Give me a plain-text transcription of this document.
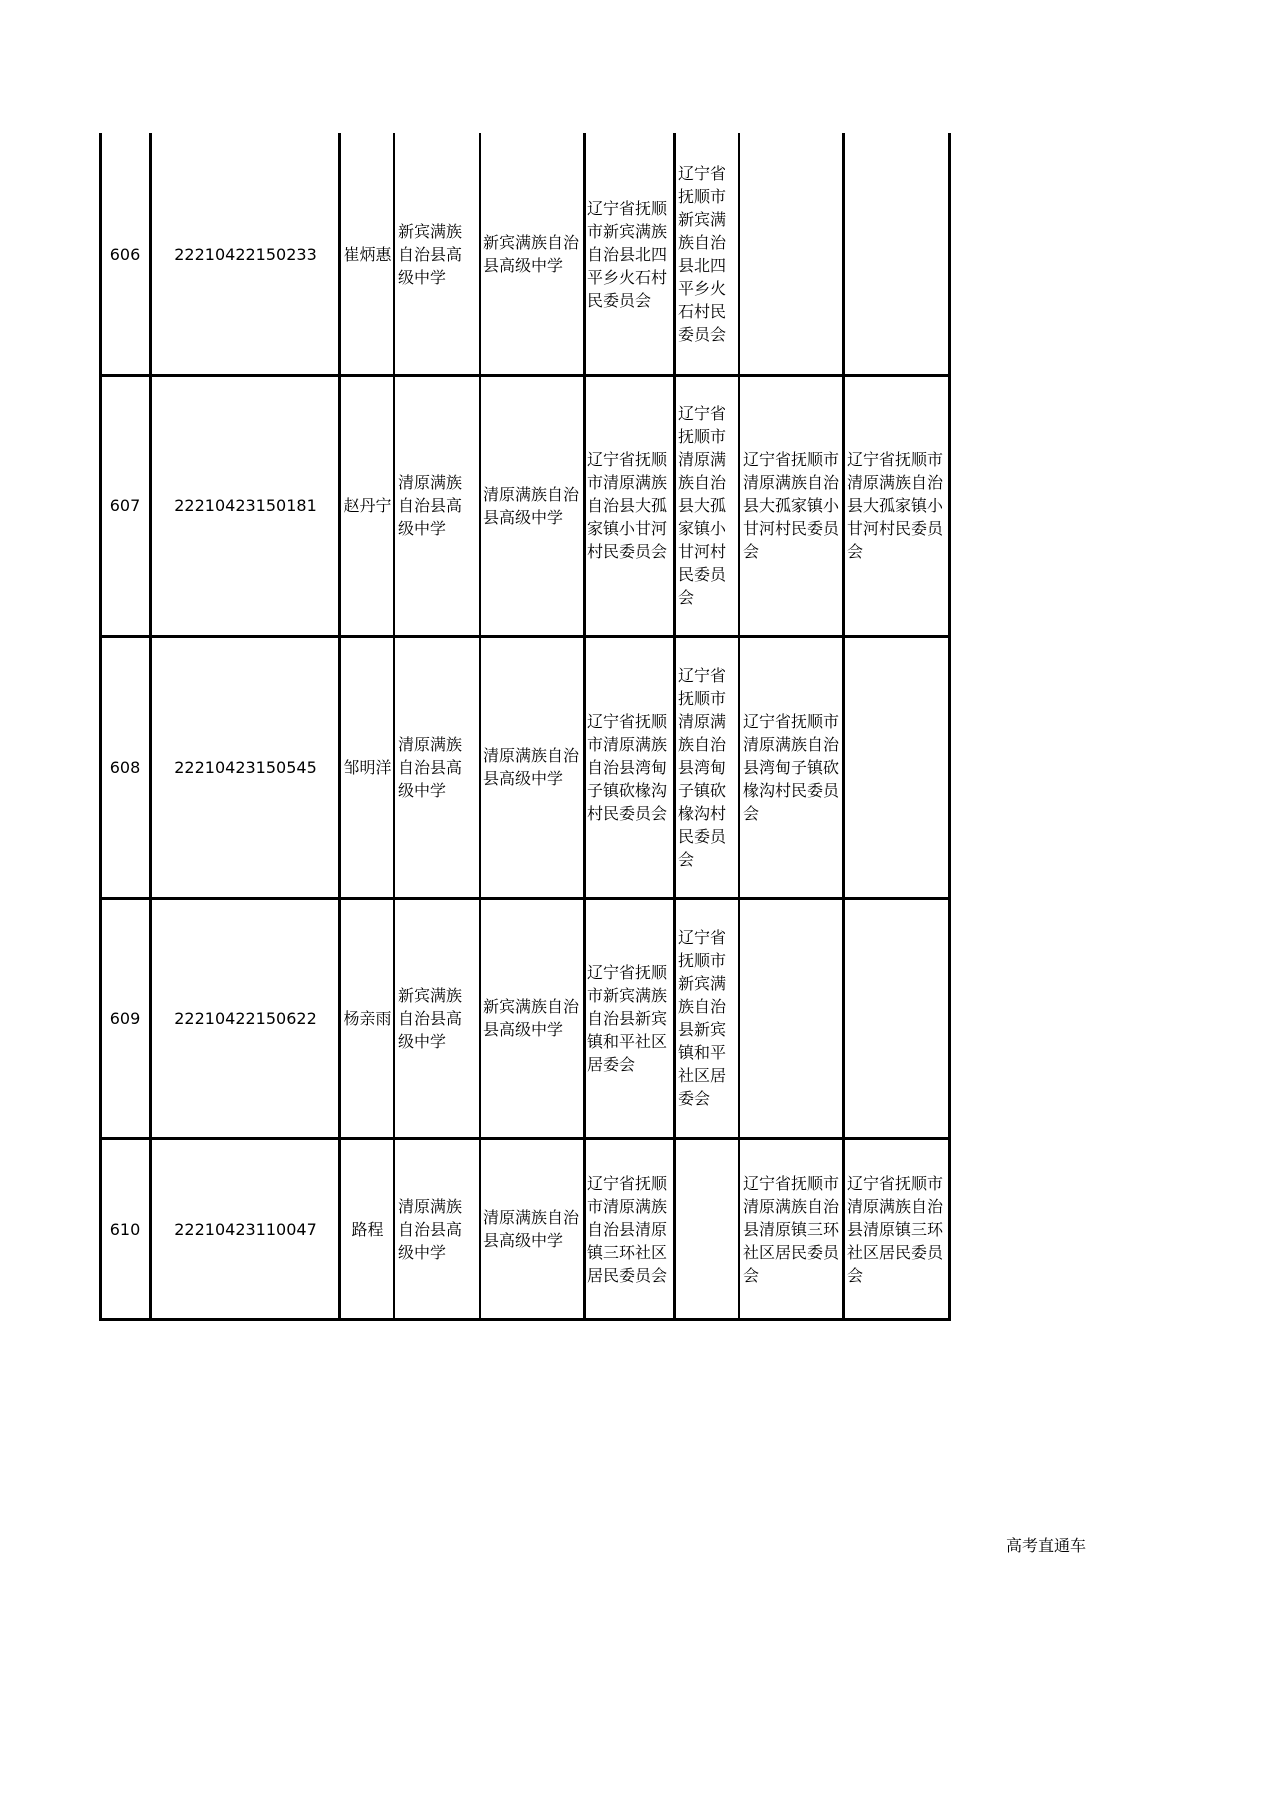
606	22210422150233	崔炳惠	新宾满族自治县高级中学	新宾满族自治县高级中学	辽宁省抚顺市新宾满族自治县北四平乡火石村民委员会	辽宁省抚顺市新宾满族自治县北四平乡火石村民委员会		

607	22210423150181	赵丹宁	清原满族自治县高级中学	清原满族自治县高级中学	辽宁省抚顺市清原满族自治县大孤家镇小甘河村民委员会	辽宁省抚顺市清原满族自治县大孤家镇小甘河村民委员会	辽宁省抚顺市清原满族自治县大孤家镇小甘河村民委员会	辽宁省抚顺市清原满族自治县大孤家镇小甘河村民委员会

608	22210423150545	邹明洋	清原满族自治县高级中学	清原满族自治县高级中学	辽宁省抚顺市清原满族自治县湾甸子镇砍椽沟村民委员会	辽宁省抚顺市清原满族自治县湾甸子镇砍椽沟村民委员会	辽宁省抚顺市清原满族自治县湾甸子镇砍椽沟村民委员会	

609	22210422150622	杨亲雨	新宾满族自治县高级中学	新宾满族自治县高级中学	辽宁省抚顺市新宾满族自治县新宾镇和平社区居委会	辽宁省抚顺市新宾满族自治县新宾镇和平社区居委会		

610	22210423110047	路程	清原满族自治县高级中学	清原满族自治县高级中学	辽宁省抚顺市清原满族自治县清原镇三环社区居民委员会		辽宁省抚顺市清原满族自治县清原镇三环社区居民委员会	辽宁省抚顺市清原满族自治县清原镇三环社区居民委员会
高考直通车
